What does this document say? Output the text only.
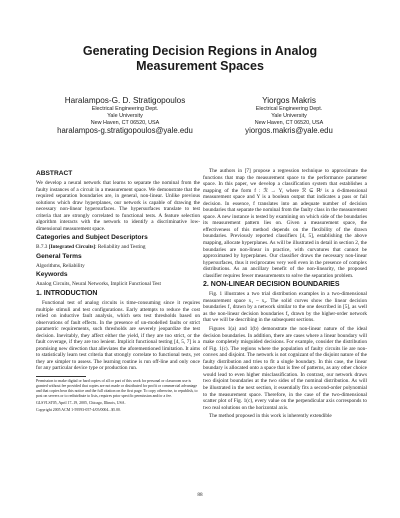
Generating Decision Regions in Analog
Measurement Spaces
Haralampos-G. D. Stratigopoulos
Electrical Engineering Dept.
Yale University
New Haven, CT 06520, USA
haralampos-g.stratigopoulos@yale.edu
Yiorgos Makris
Electrical Engineering Dept.
Yale University
New Haven, CT 06520, USA
yiorgos.makris@yale.edu
ABSTRACT
We develop a neural network that learns to separate the nominal from the faulty instances of a circuit in a measurement space. We demonstrate that the required separation boundaries are, in general, non-linear. Unlike previous solutions which draw hyperplanes, our network is capable of drawing the necessary non-linear hypersurfaces. The hypersurfaces translate to test criteria that are strongly correlated to functional tests. A feature selection algorithm interacts with the network to identify a discriminative low-dimensional measurement space.
Categories and Subject Descriptors
B.7.3 [Integrated Circuits]: Reliability and Testing
General Terms
Algorithms, Reliability
Keywords
Analog Circuits, Neural Networks, Implicit Functional Test
1. INTRODUCTION
Functional test of analog circuits is time-consuming since it requires multiple stimuli and test configurations. Early attempts to reduce the cost relied on inductive fault analysis, which sets test thresholds based on observations of fault effects. In the presence of un-modelled faults or strict parametric requirements, such thresholds are severely jeopardize the test decision. Inevitably, they affect either the yield, if they are too strict, or the fault coverage, if they are too lenient. Implicit functional testing [4, 5, 7] is a promising new direction that alleviates the aforementioned limitation. It aims to statistically learn test criteria that strongly correlate to functional tests, yet they are simpler to assess. The learning routine is run off-line and only once for any particular device type or production run.
Permission to make digital or hard copies of all or part of this work for personal or classroom use is granted without fee provided that copies are not made or distributed for profit or commercial advantage and that copies bear this notice and the full citation on the first page. To copy otherwise, to republish, to post on servers or to redistribute to lists, requires prior specific permission and/or a fee.
GLSVLSI'05, April 17–19, 2005, Chicago, Illinois, USA.
Copyright 2005 ACM 1-59593-057-4/05/0004...$5.00.
The authors in [7] propose a regression technique to approximate the functions that map the measurement space to the performance parameter space. In this paper, we develop a classification system that establishes a mapping of the form f : ℛ → Y, where ℛ ⊆ ℝᵈ is a d-dimensional measurement space and Y is a boolean output that indicates a pass or fail decision. In essence, f translates into an adequate number of decision boundaries that separate the nominal from the faulty class in the measurement space. A new instance is tested by examining on which side of the boundaries its measurement pattern lies on. Given a measurement space, the effectiveness of this method depends on the flexibility of the drawn boundaries. Previously reported classifiers [4, 5], establishing the above mapping, allocate hyperplanes. As will be illustrated in detail in section 2, the boundaries are non-linear in practice, with curvatures that cannot be approximated by hyperplanes. Our classifier draws the necessary non-linear hypersurfaces, thus it reciprocates very well even in the presence of complex distributions. As an ancillary benefit of the non-linearity, the proposed classifier requires fewer measurements to solve the separation problem.
2. NON-LINEAR DECISION BOUNDARIES
Fig. 1 illustrates a two trial distribution examples in a two-dimensional measurement space x₁ – x₂. The solid curves show the linear decision boundaries f₁ drawn by a network similar to the one described in [5], as well as the non-linear decision boundaries f₂ drawn by the higher-order network that we will be describing in the subsequent sections.
Figures 1(a) and 1(b) demonstrate the non-linear nature of the ideal decision boundaries. In addition, there are cases where a linear boundary will make completely misguided decisions. For example, consider the distribution of Fig. 1(c). The regions where the population of faulty circuits lie are non-convex and disjoint. The network is not cognizant of the disjoint nature of the faulty distribution and tries to fit a single boundary. In this case, the linear boundary is allocated onto a space that is free of patterns, as any other choice would lead to even higher misclassification. In contrast, our network draws two disjoint boundaries at the two sides of the nominal distribution. As will be illustrated in the next section, it essentially fits a second-order polynomial to the measurement space. Therefore, in the case of the two-dimensional scatter plot of Fig. 1(c), every value on the perpendicular axis corresponds to two real solutions on the horizontal axis.
The method proposed in this work is inherently extendible
88
